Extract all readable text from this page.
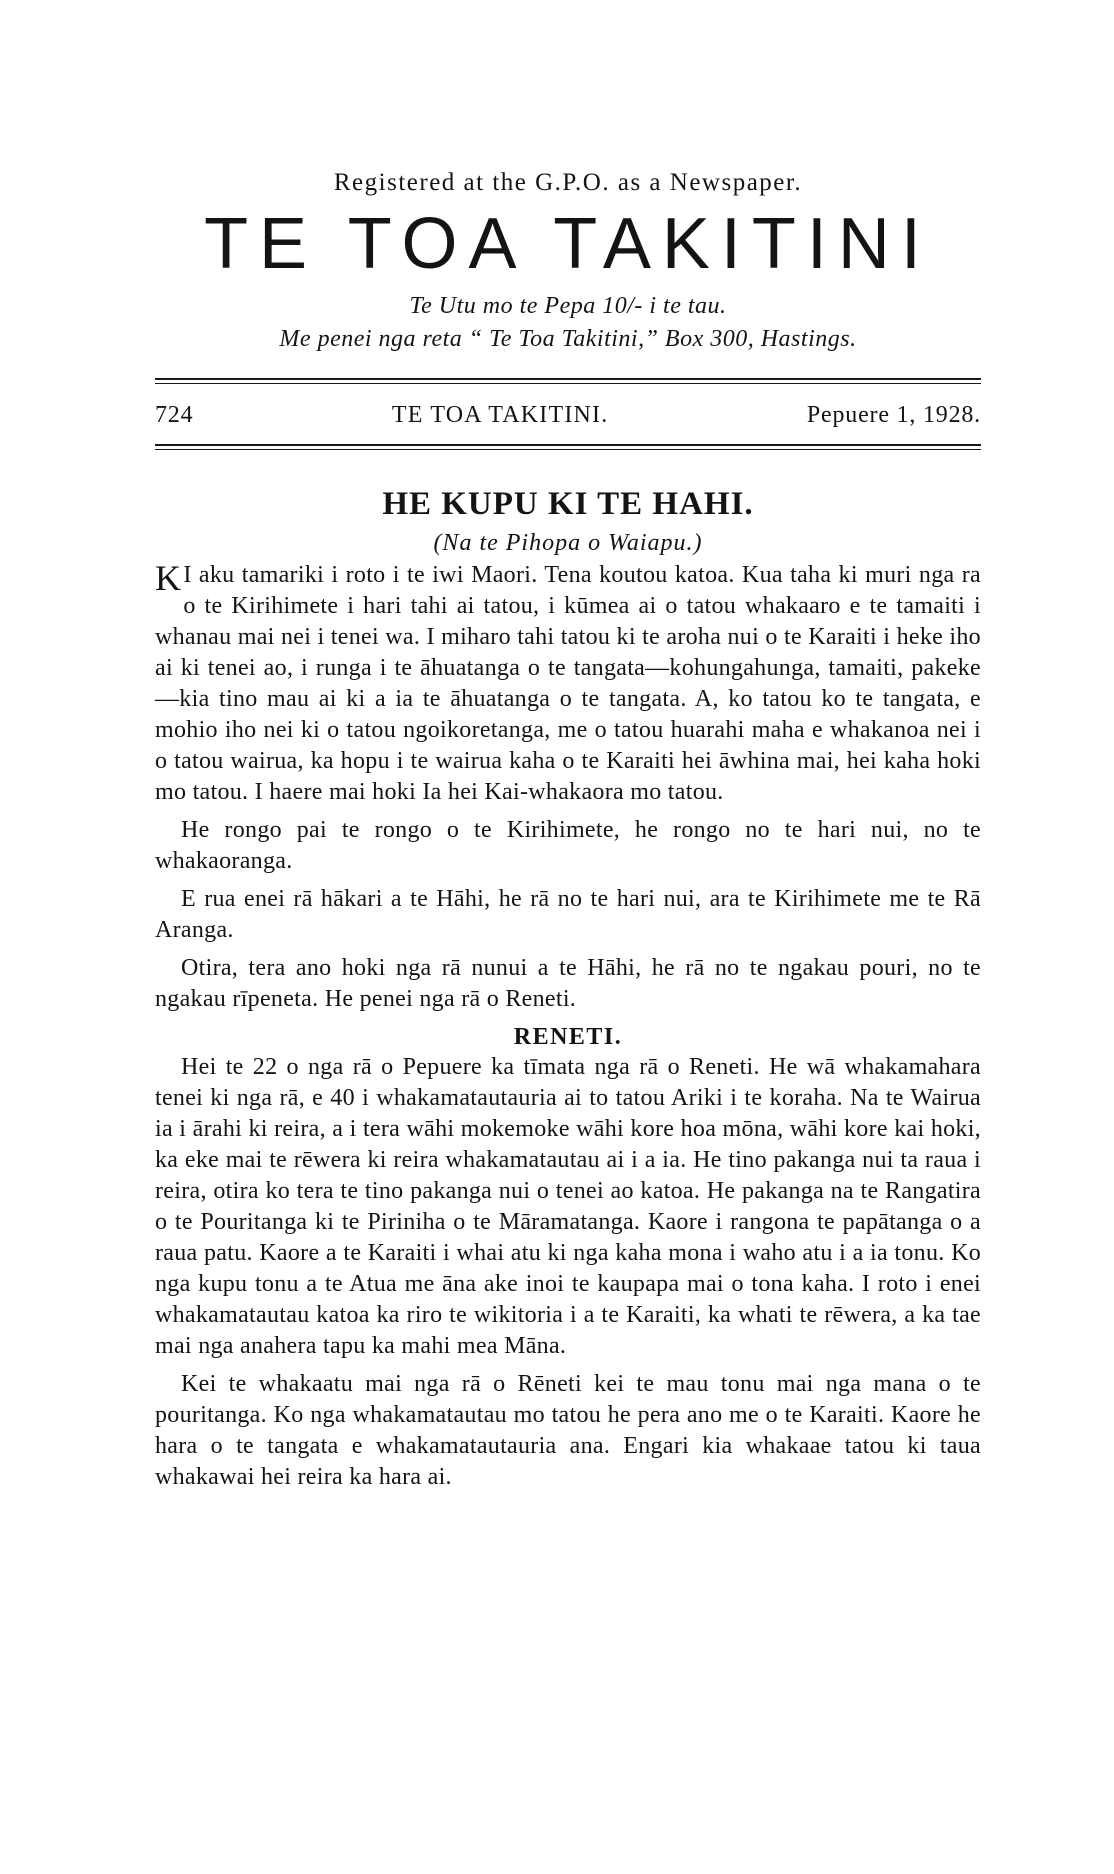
Registered at the G.P.O. as a Newspaper.

TE TOA TAKITINI

Te Utu mo te Pepa 10/- i te tau.

Me penei nga reta “ Te Toa Takitini,” Box 300, Hastings.

724	TE TOA TAKITINI.	Pepuere 1, 1928.
HE KUPU KI TE HAHI.

(Na te Pihopa o Waiapu.)

K I aku tamariki i roto i te iwi Maori. Tena koutou katoa. Kua taha ki muri nga ra o te Kirihimete i hari tahi ai tatou, i kūmea ai o tatou whakaaro e te tamaiti i whanau mai nei i tenei wa. I miharo tahi tatou ki te aroha nui o te Karaiti i heke iho ai ki tenei ao, i runga i te āhuatanga o te tangata—kohungahunga, tamaiti, pakeke—kia tino mau ai ki a ia te āhuatanga o te tangata. A, ko tatou ko te tangata, e mohio iho nei ki o tatou ngoikoretanga, me o tatou huarahi maha e whakanoa nei i o tatou wairua, ka hopu i te wairua kaha o te Karaiti hei āwhina mai, hei kaha hoki mo tatou. I haere mai hoki Ia hei Kai-whakaora mo tatou.

He rongo pai te rongo o te Kirihimete, he rongo no te hari nui, no te whakaoranga.

E rua enei rā hākari a te Hāhi, he rā no te hari nui, ara te Kirihimete me te Rā Aranga.

Otira, tera ano hoki nga rā nunui a te Hāhi, he rā no te ngakau pouri, no te ngakau rīpeneta. He penei nga rā o Reneti.

RENETI.

Hei te 22 o nga rā o Pepuere ka tīmata nga rā o Reneti. He wā whakamahara tenei ki nga rā, e 40 i whakamatautauria ai to tatou Ariki i te koraha. Na te Wairua ia i ārahi ki reira, a i tera wāhi mokemoke wāhi kore hoa mōna, wāhi kore kai hoki, ka eke mai te rēwera ki reira whakamatautau ai i a ia. He tino pakanga nui ta raua i reira, otira ko tera te tino pakanga nui o tenei ao katoa. He pakanga na te Rangatira o te Pouritanga ki te Piriniha o te Māramatanga. Kaore i rangona te papātanga o a raua patu. Kaore a te Karaiti i whai atu ki nga kaha mona i waho atu i a ia tonu. Ko nga kupu tonu a te Atua me āna ake inoi te kaupapa mai o tona kaha. I roto i enei whakamatautau katoa ka riro te wikitoria i a te Karaiti, ka whati te rēwera, a ka tae mai nga anahera tapu ka mahi mea Māna.

Kei te whakaatu mai nga rā o Rēneti kei te mau tonu mai nga mana o te pouritanga. Ko nga whakamatautau mo tatou he pera ano me o te Karaiti. Kaore he hara o te tangata e whakamatautauria ana. Engari kia whakaae tatou ki taua whakawai hei reira ka hara ai.
